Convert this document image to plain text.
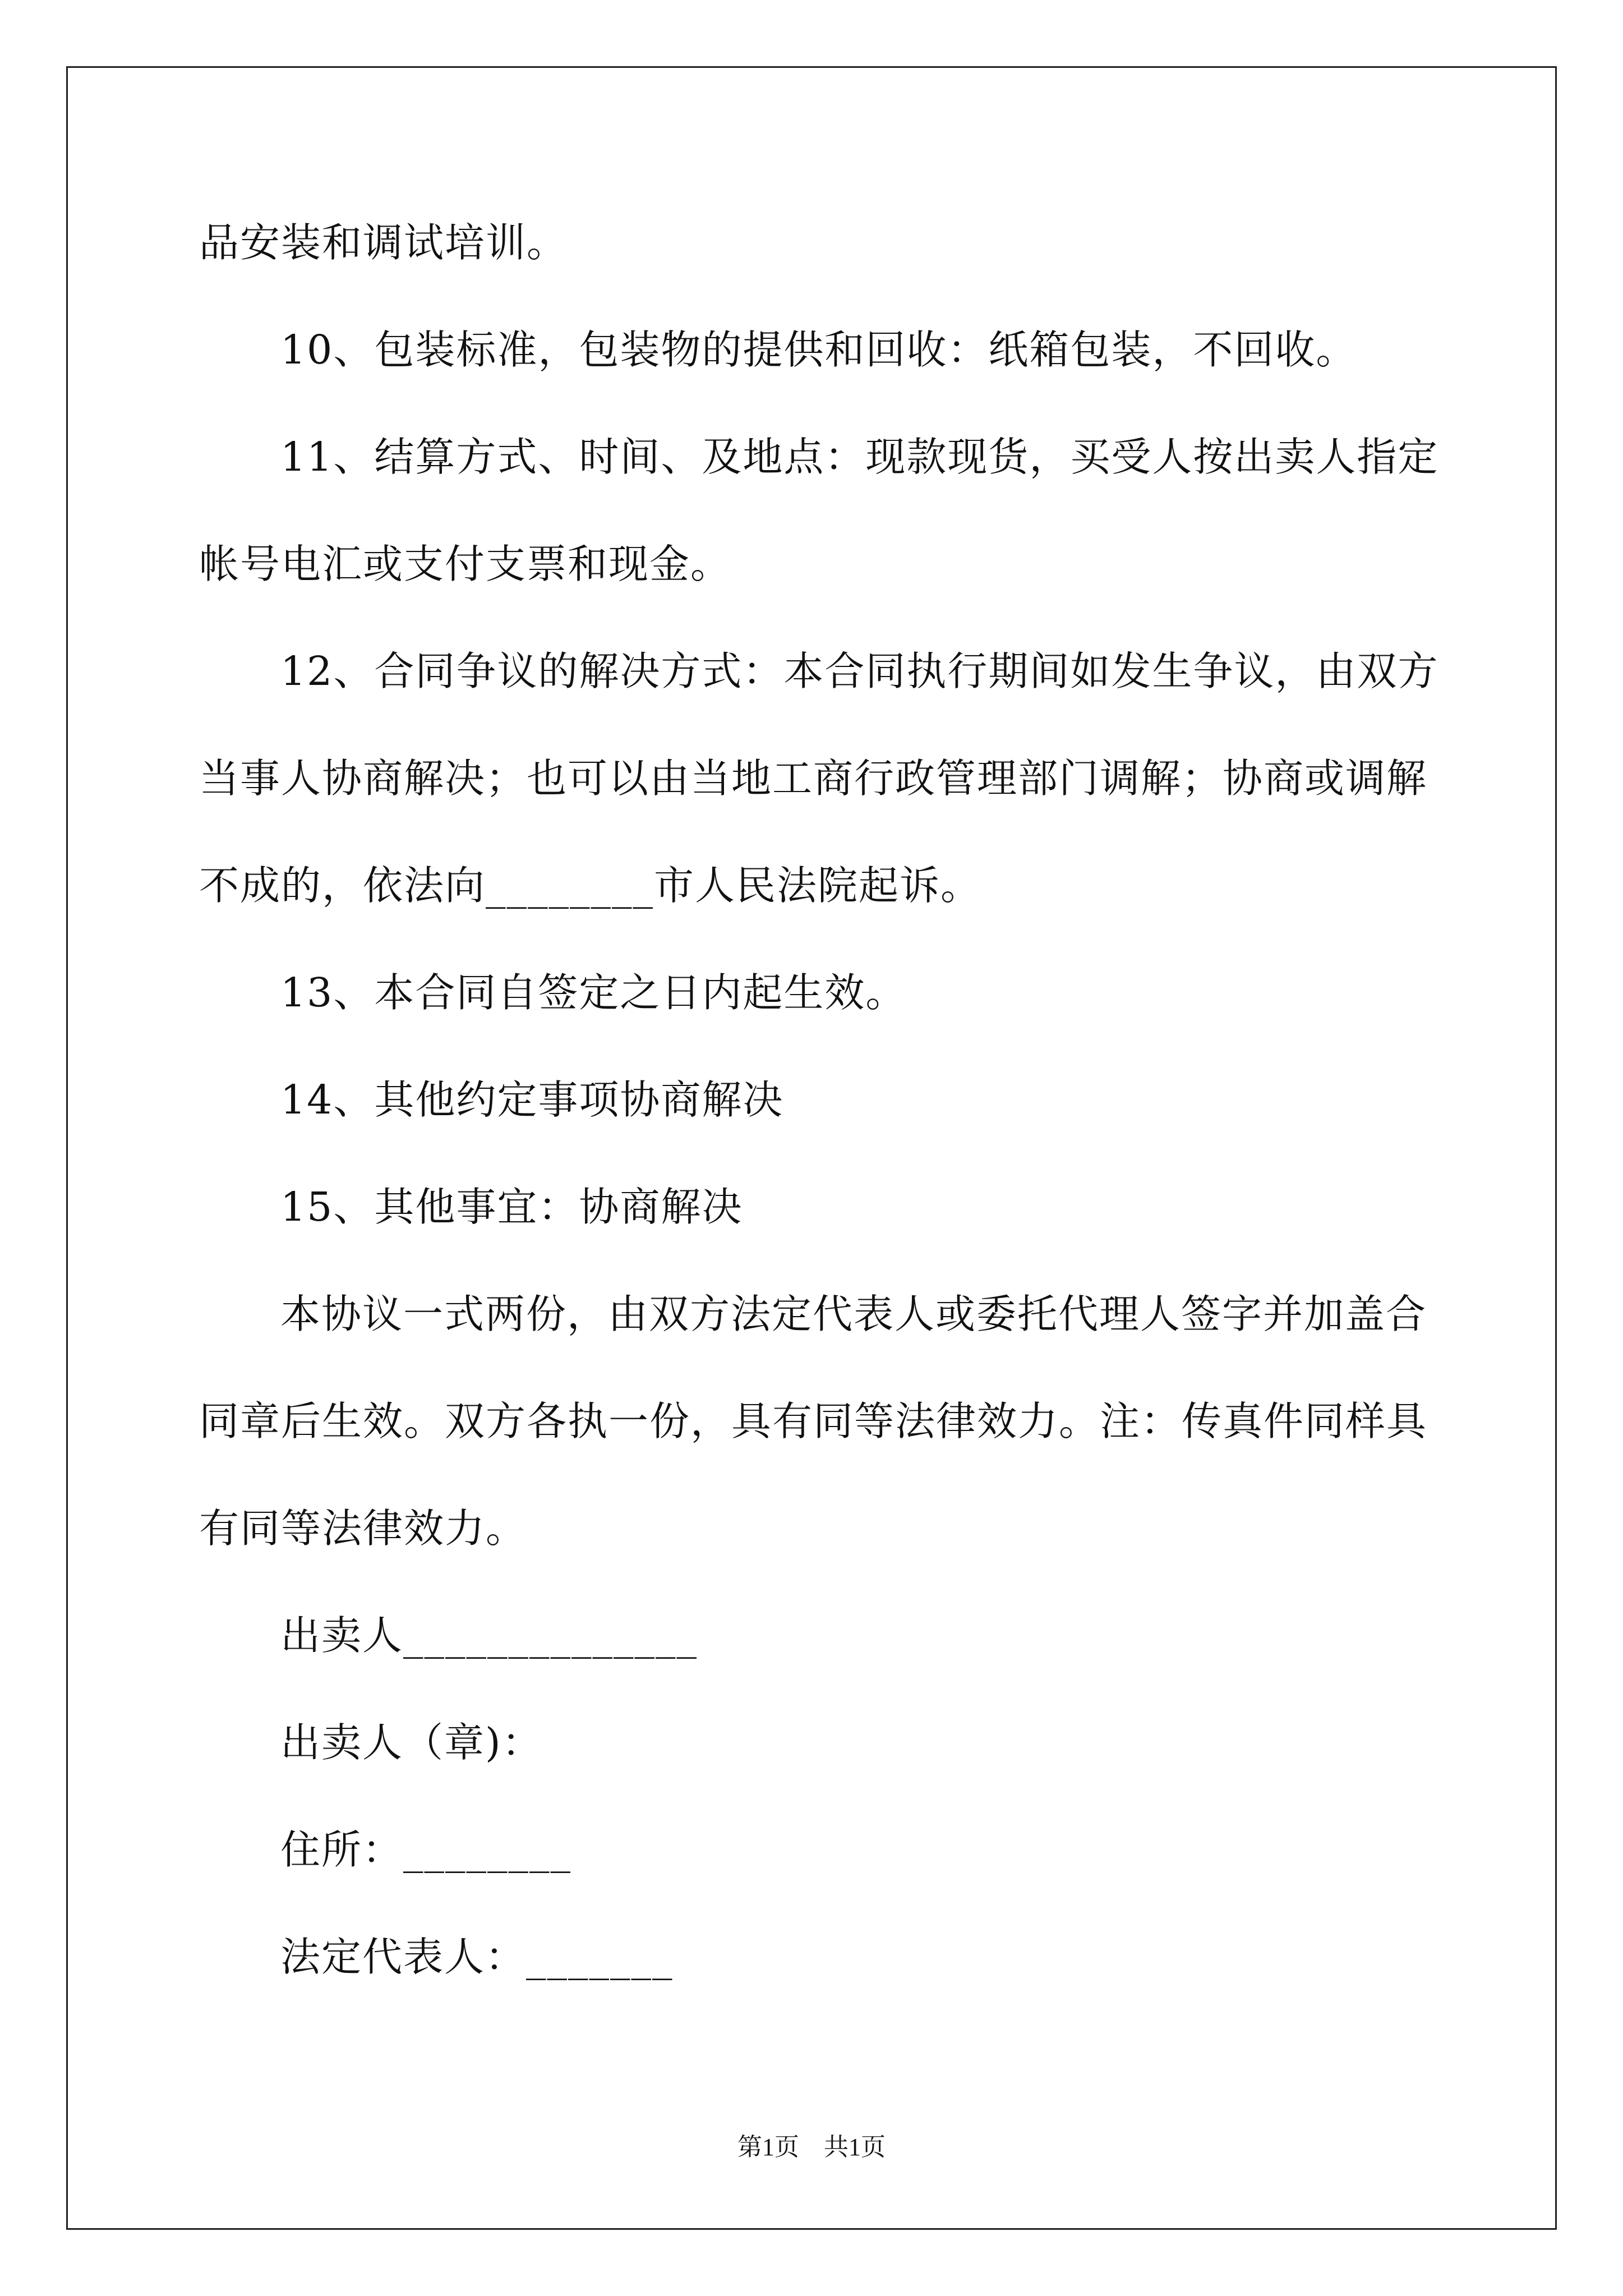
品安装和调试培训。
10、包装标准，包装物的提供和回收：纸箱包装，不回收。
11、结算方式、时间、及地点：现款现货，买受人按出卖人指定
帐号电汇或支付支票和现金。
12、合同争议的解决方式：本合同执行期间如发生争议，由双方
当事人协商解决；也可以由当地工商行政管理部门调解；协商或调解
不成的，依法向________市人民法院起诉。
13、本合同自签定之日内起生效。
14、其他约定事项协商解决
15、其他事宜：协商解决
本协议一式两份，由双方法定代表人或委托代理人签字并加盖合
同章后生效。双方各执一份，具有同等法律效力。注：传真件同样具
有同等法律效力。
出卖人______________
出卖人（章)：
住所：________
法定代表人：_______
第1页　共1页
